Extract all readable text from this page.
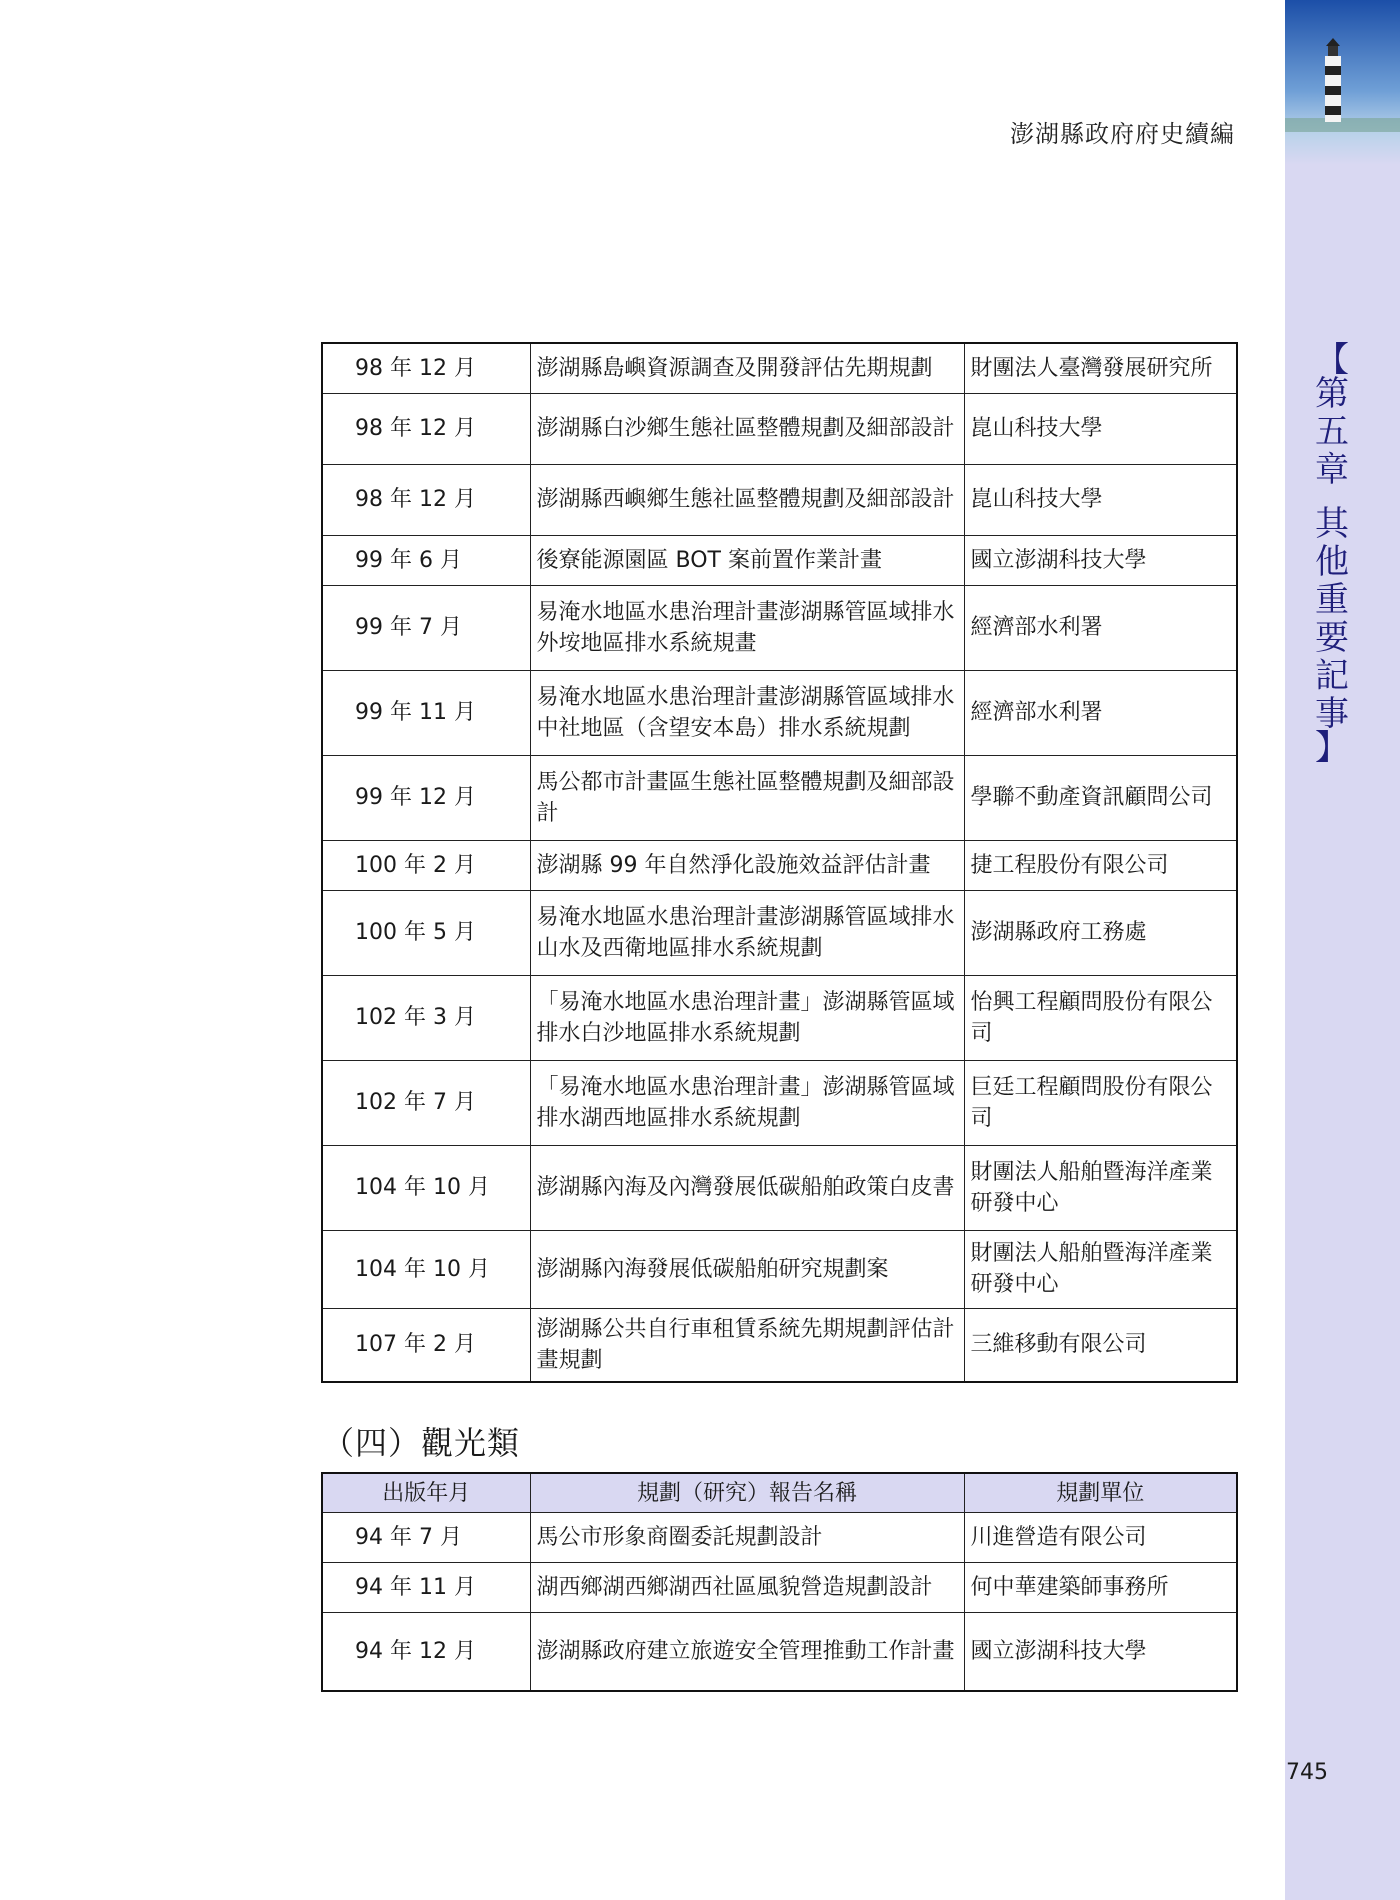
澎湖縣政府府史續編
【
第
五
章
其
他
重
要
記
事
】
98 年 12 月	澎湖縣島嶼資源調查及開發評估先期規劃	財團法人臺灣發展研究所
98 年 12 月	澎湖縣白沙鄉生態社區整體規劃及細部設計	崑山科技大學
98 年 12 月	澎湖縣西嶼鄉生態社區整體規劃及細部設計	崑山科技大學
99 年 6 月	後寮能源園區 BOT 案前置作業計畫	國立澎湖科技大學
99 年 7 月	易淹水地區水患治理計畫澎湖縣管區域排水外垵地區排水系統規畫	經濟部水利署
99 年 11 月	易淹水地區水患治理計畫澎湖縣管區域排水中社地區（含望安本島）排水系統規劃	經濟部水利署
99 年 12 月	馬公都市計畫區生態社區整體規劃及細部設計	學聯不動產資訊顧問公司
100 年 2 月	澎湖縣 99 年自然淨化設施效益評估計畫	捷工程股份有限公司
100 年 5 月	易淹水地區水患治理計畫澎湖縣管區域排水山水及西衛地區排水系統規劃	澎湖縣政府工務處
102 年 3 月	「易淹水地區水患治理計畫」澎湖縣管區域排水白沙地區排水系統規劃	怡興工程顧問股份有限公司
102 年 7 月	「易淹水地區水患治理計畫」澎湖縣管區域排水湖西地區排水系統規劃	巨廷工程顧問股份有限公司
104 年 10 月	澎湖縣內海及內灣發展低碳船舶政策白皮書	財團法人船舶暨海洋產業研發中心
104 年 10 月	澎湖縣內海發展低碳船舶研究規劃案	財團法人船舶暨海洋產業研發中心
107 年 2 月	澎湖縣公共自行車租賃系統先期規劃評估計畫規劃	三維移動有限公司
（四）觀光類
出版年月	規劃（研究）報告名稱	規劃單位
94 年 7 月	馬公市形象商圈委託規劃設計	川進營造有限公司
94 年 11 月	湖西鄉湖西鄉湖西社區風貌營造規劃設計	何中華建築師事務所
94 年 12 月	澎湖縣政府建立旅遊安全管理推動工作計畫	國立澎湖科技大學
745
